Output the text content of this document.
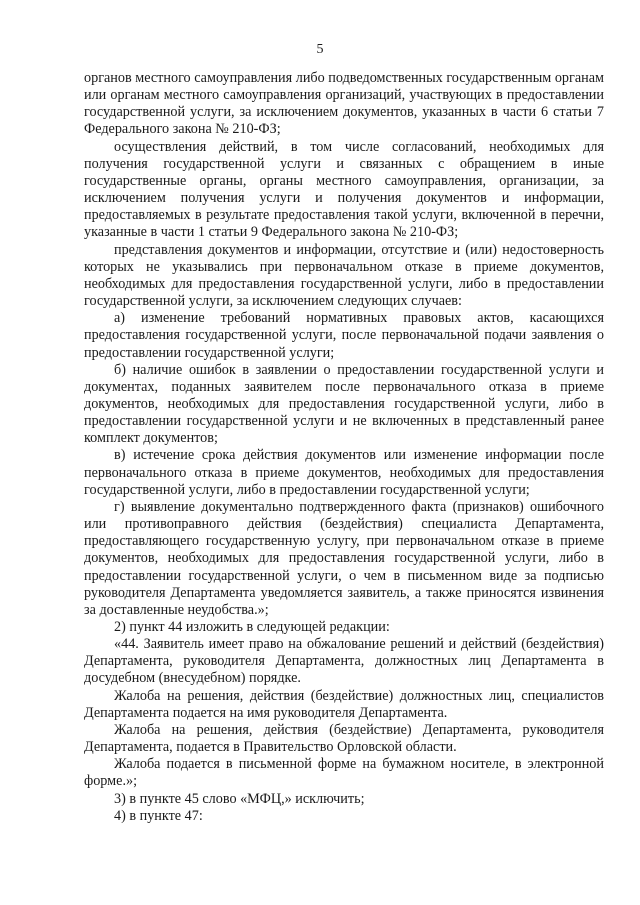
5

органов местного самоуправления либо подведомственных государственным органам или органам местного самоуправления организаций, участвующих в предоставлении государственной услуги, за исключением документов, указанных в части 6 статьи 7 Федерального закона № 210-ФЗ;

осуществления действий, в том числе согласований, необходимых для получения государственной услуги и связанных с обращением в иные государственные органы, органы местного самоуправления, организации, за исключением получения услуги и получения документов и информации, предоставляемых в результате предоставления такой услуги, включенной в перечни, указанные в части 1 статьи 9 Федерального закона № 210-ФЗ;

представления документов и информации, отсутствие и (или) недостоверность которых не указывались при первоначальном отказе в приеме документов, необходимых для предоставления государственной услуги, либо в предоставлении государственной услуги, за исключением следующих случаев:

а) изменение требований нормативных правовых актов, касающихся предоставления государственной услуги, после первоначальной подачи заявления о предоставлении государственной услуги;

б) наличие ошибок в заявлении о предоставлении государственной услуги и документах, поданных заявителем после первоначального отказа в приеме документов, необходимых для предоставления государственной услуги, либо в предоставлении государственной услуги и не включенных в представленный ранее комплект документов;

в) истечение срока действия документов или изменение информации после первоначального отказа в приеме документов, необходимых для предоставления государственной услуги, либо в предоставлении государственной услуги;

г) выявление документально подтвержденного факта (признаков) ошибочного или противоправного действия (бездействия) специалиста Департамента, предоставляющего государственную услугу, при первоначальном отказе в приеме документов, необходимых для предоставления государственной услуги, либо в предоставлении государственной услуги, о чем в письменном виде за подписью руководителя Департамента уведомляется заявитель, а также приносятся извинения за доставленные неудобства.»;

2) пункт 44 изложить в следующей редакции:

«44. Заявитель имеет право на обжалование решений и действий (бездействия) Департамента, руководителя Департамента, должностных лиц Департамента в досудебном (внесудебном) порядке.

Жалоба на решения, действия (бездействие) должностных лиц, специалистов Департамента подается на имя руководителя Департамента.

Жалоба на решения, действия (бездействие) Департамента, руководителя Департамента, подается в Правительство Орловской области.

Жалоба подается в письменной форме на бумажном носителе, в электронной форме.»;

3) в пункте 45 слово «МФЦ,» исключить;

4) в пункте 47:
